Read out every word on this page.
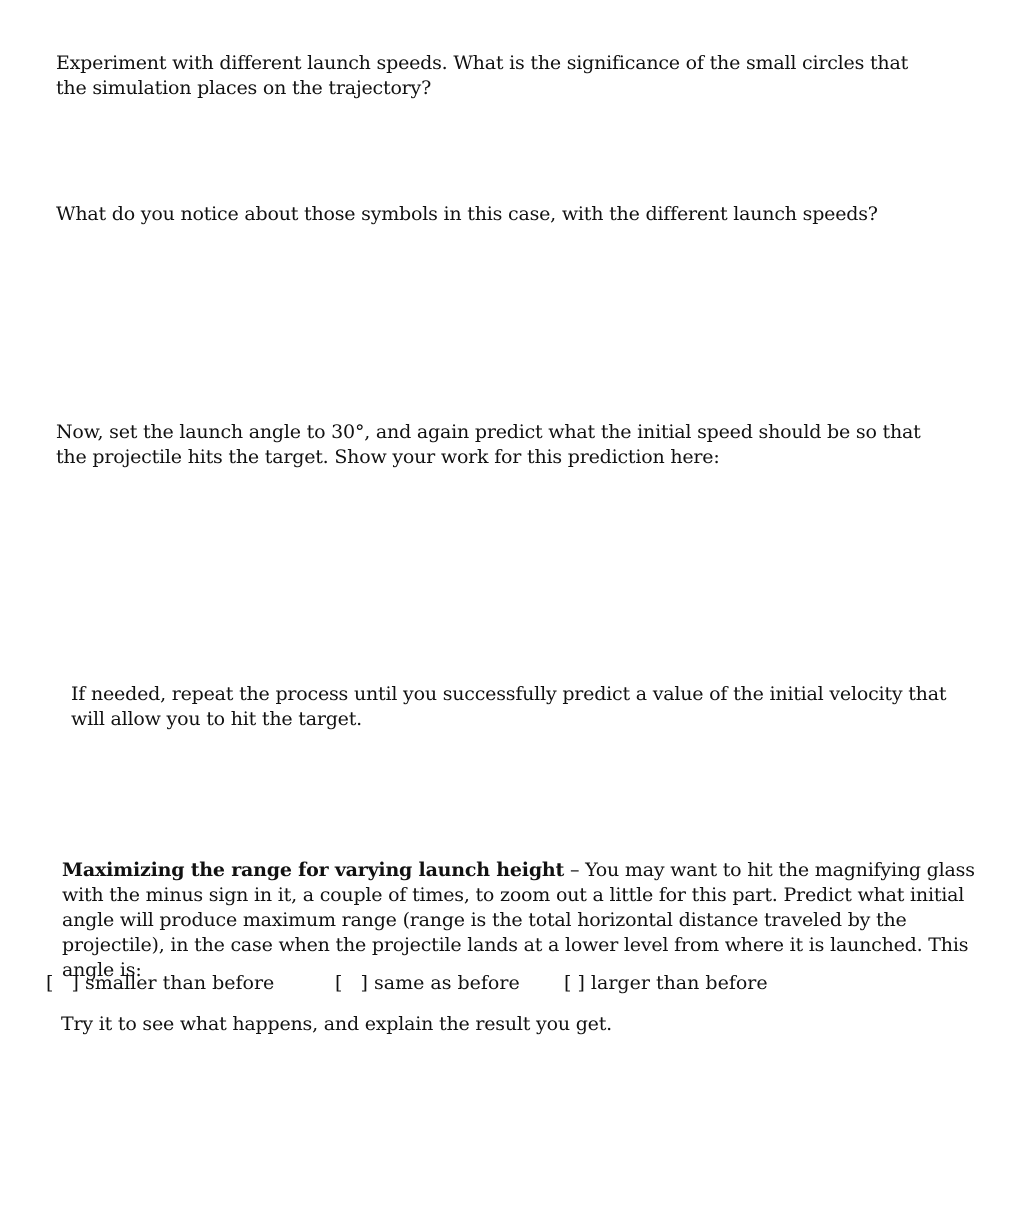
Experiment with different launch speeds. What is the significance of the small circles that the simulation places on the trajectory?

What do you notice about those symbols in this case, with the different launch speeds?

Now, set the launch angle to 30°, and again predict what the initial speed should be so that the projectile hits the target. Show your work for this prediction here:

If needed, repeat the process until you successfully predict a value of the initial velocity that will allow you to hit the target.

Maximizing the range for varying launch height – You may want to hit the magnifying glass with the minus sign in it, a couple of times, to zoom out a little for this part. Predict what initial angle will produce maximum range (range is the total horizontal distance traveled by the projectile), in the case when the projectile lands at a lower level from where it is launched. This angle is:

[   ] smaller than before	[   ] same as before [ ] larger than before

Try it to see what happens, and explain the result you get.
